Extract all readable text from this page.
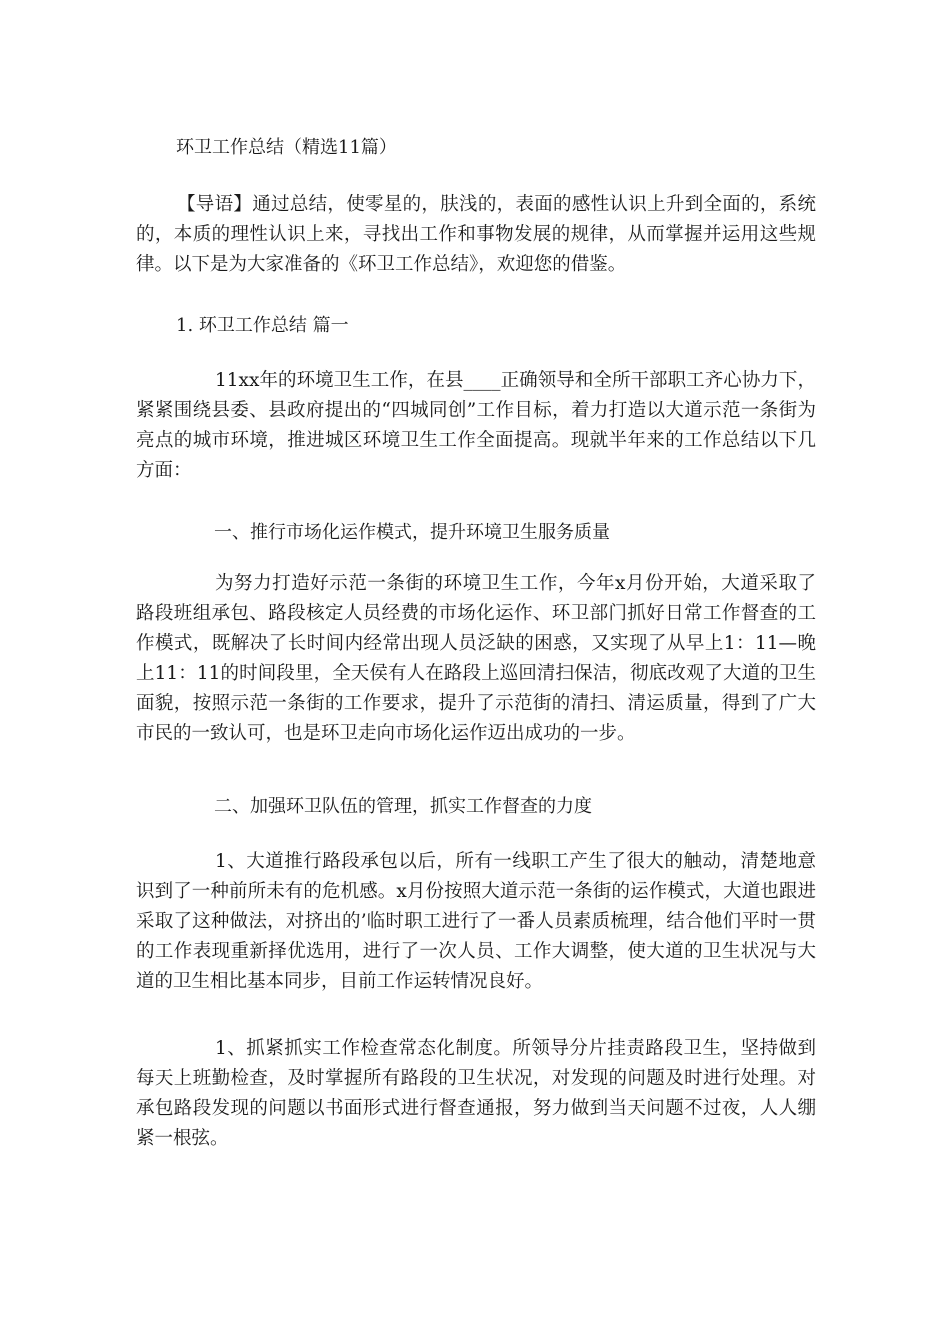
环卫工作总结（精选11篇）

【导语】通过总结，使零星的，肤浅的，表面的感性认识上升到全面的，系统的，本质的理性认识上来，寻找出工作和事物发展的规律，从而掌握并运用这些规律。以下是为大家准备的《环卫工作总结》，欢迎您的借鉴。

1. 环卫工作总结 篇一

11xx年的环境卫生工作，在县____正确领导和全所干部职工齐心协力下，紧紧围绕县委、县政府提出的“四城同创”工作目标，着力打造以大道示范一条街为亮点的城市环境，推进城区环境卫生工作全面提高。现就半年来的工作总结以下几方面：

一、推行市场化运作模式，提升环境卫生服务质量

为努力打造好示范一条街的环境卫生工作，今年x月份开始，大道采取了路段班组承包、路段核定人员经费的市场化运作、环卫部门抓好日常工作督查的工作模式，既解决了长时间内经常出现人员泛缺的困惑，又实现了从早上1：11—晚上11：11的时间段里，全天侯有人在路段上巡回清扫保洁，彻底改观了大道的卫生面貌，按照示范一条街的工作要求，提升了示范街的清扫、清运质量，得到了广大市民的一致认可，也是环卫走向市场化运作迈出成功的一步。

二、加强环卫队伍的管理，抓实工作督查的力度

1、大道推行路段承包以后，所有一线职工产生了很大的触动，清楚地意识到了一种前所未有的危机感。x月份按照大道示范一条街的运作模式，大道也跟进采取了这种做法，对挤出的’临时职工进行了一番人员素质梳理，结合他们平时一贯的工作表现重新择优选用，进行了一次人员、工作大调整，使大道的卫生状况与大道的卫生相比基本同步，目前工作运转情况良好。

1、抓紧抓实工作检查常态化制度。所领导分片挂责路段卫生，坚持做到每天上班勤检查，及时掌握所有路段的卫生状况，对发现的问题及时进行处理。对承包路段发现的问题以书面形式进行督查通报，努力做到当天问题不过夜，人人绷紧一根弦。
